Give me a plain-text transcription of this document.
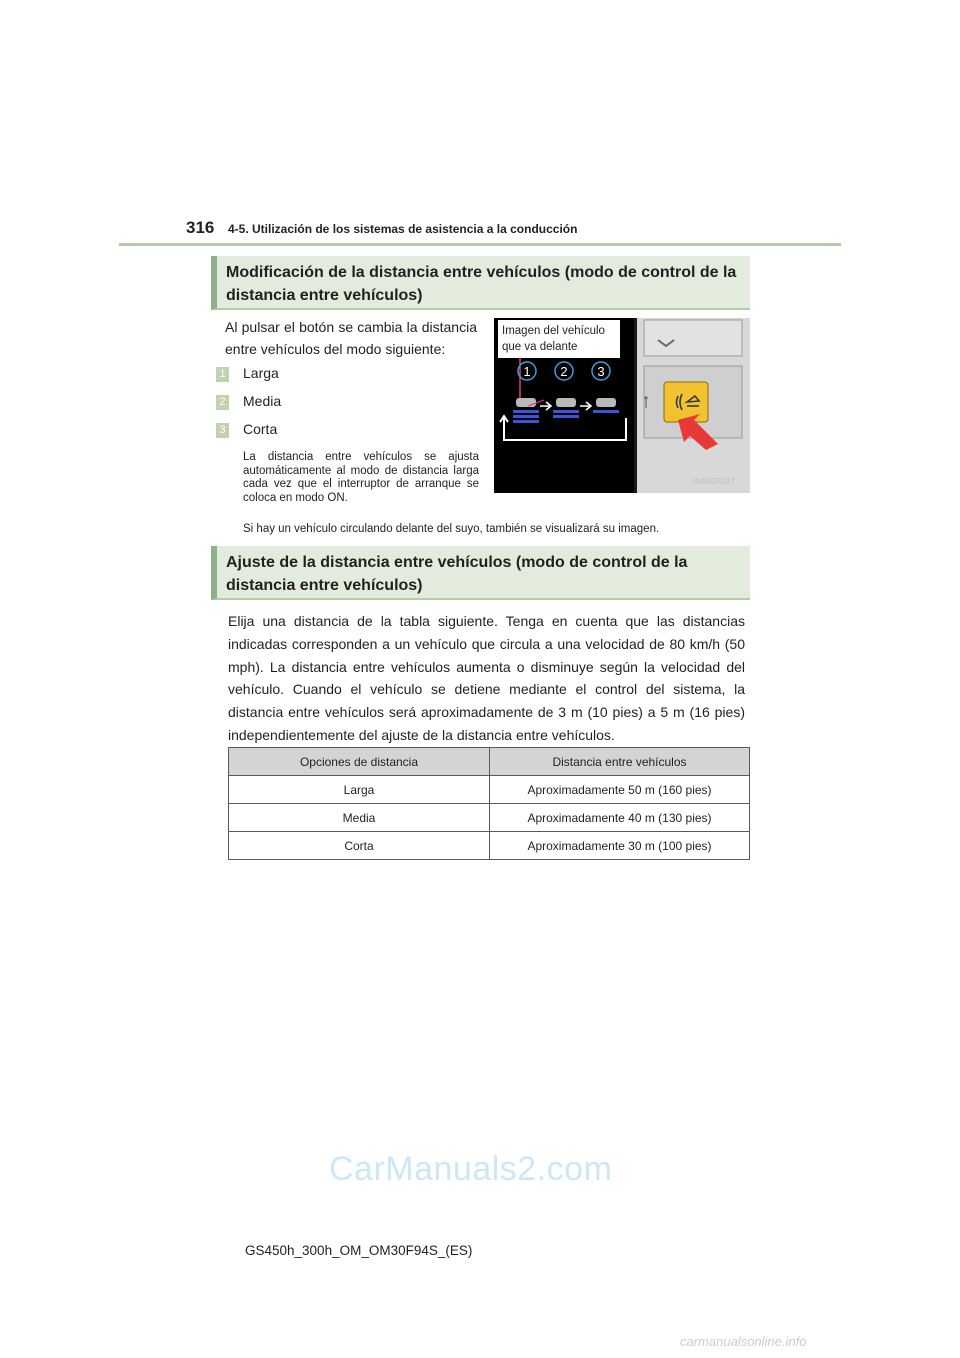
316 4-5. Utilización de los sistemas de asistencia a la conducción
Modificación de la distancia entre vehículos (modo de control de la distancia entre vehículos)
Al pulsar el botón se cambia la distancia entre vehículos del modo siguiente:
1 Larga
2 Media
3 Corta
La distancia entre vehículos se ajusta automáticamente al modo de distancia larga cada vez que el interruptor de arranque se coloca en modo ON.
Si hay un vehículo circulando delante del suyo, también se visualizará su imagen.
1 2 3
Imagen del vehículo que va delante
IN45GS317
Ajuste de la distancia entre vehículos (modo de control de la distancia entre vehículos)
Elija una distancia de la tabla siguiente. Tenga en cuenta que las distancias indicadas corresponden a un vehículo que circula a una velocidad de 80 km/h (50 mph). La distancia entre vehículos aumenta o disminuye según la velocidad del vehículo. Cuando el vehículo se detiene mediante el control del sistema, la distancia entre vehículos será aproximadamente de 3 m (10 pies) a 5 m (16 pies) independientemente del ajuste de la distancia entre vehículos.
Opciones de distancia	Distancia entre vehículos
Larga	Aproximadamente 50 m (160 pies)
Media	Aproximadamente 40 m (130 pies)
Corta	Aproximadamente 30 m (100 pies)
CarManuals2.com
GS450h_300h_OM_OM30F94S_(ES)
carmanualsonline.info
